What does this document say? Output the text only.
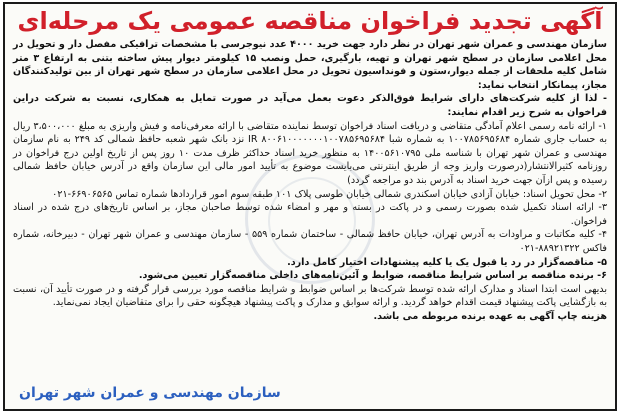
آگهی تجدید فراخوان مناقصه عمومی یک مرحله‌ای

سازمان مهندسی و عمران شهر تهران در نظر دارد جهت خرید ۴۰۰۰ عدد نیوجرسی با مشخصات ترافیکی مفصل دار و تحویل در محل اعلامی سازمان در سطح شهر تهران و تهیه، بارگیری، حمل ونصب ۱۵ کیلومتر دیوار پیش ساخته بتنی به ارتفاع ۳ متر شامل کلیه ملحقات از جمله دیوار،ستون و فونداسیون تحویل در محل اعلامی سازمان در سطح شهر تهران از بین تولیدکنندگان مجاز، پیمانکار انتخاب نماید:

- لذا از کلیه شرکت‌های دارای شرایط فوق‌الذکر دعوت بعمل می‌آید در صورت تمایل به همکاری، نسبت به شرکت دراین فراخوان به شرح زیر اقدام نمایند:

۱- ارائه نامه رسمی اعلام آمادگی متقاضی و دریافت اسناد فراخوان توسط نماینده متقاضی با ارائه معرفی‌نامه و فیش واریزی به مبلغ ۳،۵۰۰،۰۰۰ ریال به حساب جاری شماره ۱۰۰۷۸۵۶۹۵۶۸۴ به شماره شبا IR ۸۰۰۶۱۰۰۰۰۰۰۰۱۰۰۷۸۵۶۹۵۶۸۴ نزد بانک شهر شعبه حافظ شمالی کد ۲۴۹ به نام سازمان مهندسی و عمران شهر تهران با شناسه ملی ۱۴۰۰۵۶۱۰۷۹۵ به منظور خرید اسناد حداکثر ظرف مدت ۱۰ روز پس از تاریخ اولین درج فراخوان در روزنامه کثیرالانتشار(درصورت واریز وجه از طریق اینترنتی می‌بایست موضوع به تأیید امور مالی این سازمان واقع در آدرس خیابان حافظ شمالی رسیده و پس ازآن جهت خرید اسناد به آدرس بند دو مراجعه گردد)

۲- محل تحویل اسناد: خیابان آزادی خیابان اسکندری شمالی خیابان طوسی پلاک ۱۰۱ طبقه سوم امور قراردادها شماره تماس ۶۶۹۰۶۵۶۵-۰۲۱

۳- ارائه اسناد تکمیل شده بصورت رسمی و در پاکت در بسته و مهر و امضاء شده توسط صاحبان مجاز، بر اساس تاریخ‌های درج شده در اسناد فراخوان.

۴- کلیه مکاتبات و مراودات به آدرس تهران، خیابان حافظ شمالی - ساختمان شماره ۵۵۹ - سازمان مهندسی و عمران شهر تهران - دبیرخانه، شماره فاکس ۸۸۹۲۱۳۲۲-۰۲۱

۵- مناقصه‌گزار در رد یا قبول یک یا کلیه پیشنهادات اختیار کامل دارد.

۶- برنده مناقصه بر اساس شرایط مناقصه، ضوابط و آئین‌نامه‌های داخلی مناقصه‌گزار تعیین می‌شود.

بدیهی است ابتدا اسناد و مدارک ارائه شده توسط شرکت‌ها بر اساس ضوابط و شرایط مناقصه مورد بررسی قرار گرفته و در صورت تأیید آن، نسبت به بازگشایی پاکت پیشنهاد قیمت اقدام خواهد گردید. و ارائه سوابق و مدارک و پاکت پیشنهاد هیچگونه حقی را برای متقاضیان ایجاد نمی‌نماید.

هزینه چاپ آگهی به عهده برنده مربوطه می باشد.

سازمان مهندسی و عمران شهر تهران
